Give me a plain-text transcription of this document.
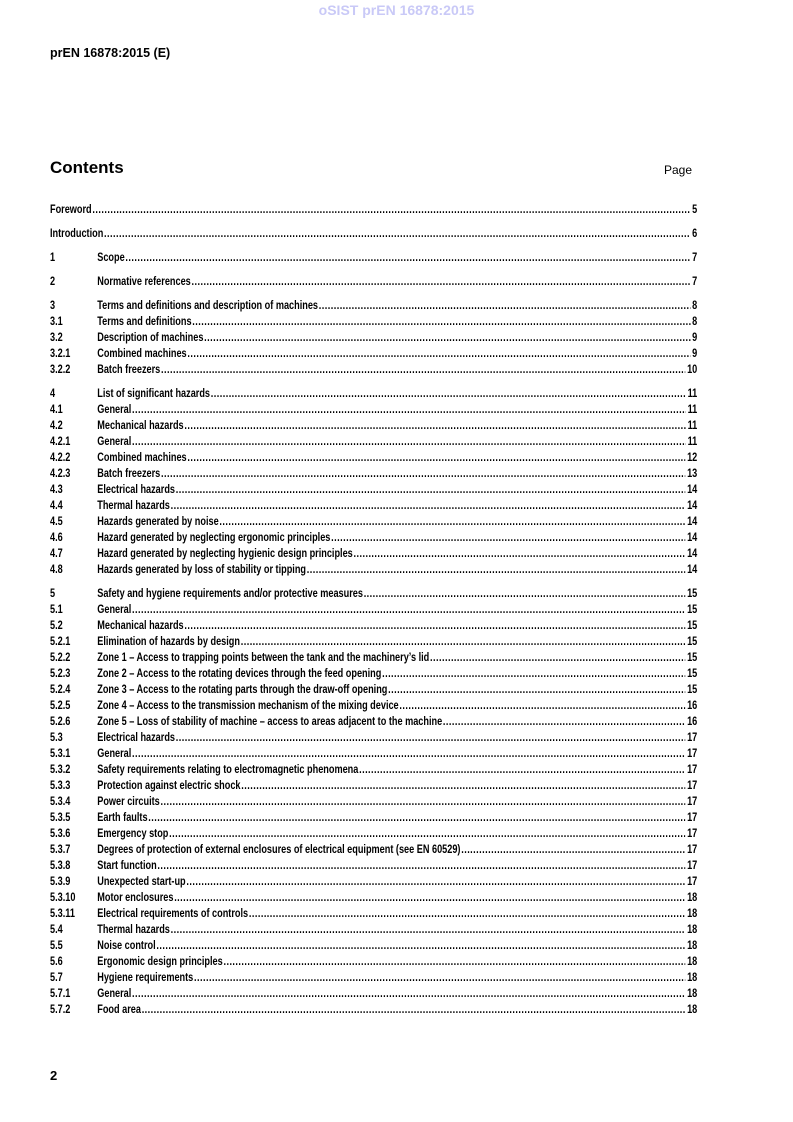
oSIST prEN 16878:2015
prEN 16878:2015 (E)
Contents	Page
Foreword .....	5
Introduction .....	6
1	Scope .....	7
2	Normative references .....	7
3	Terms and definitions and description of machines .....	8
3.1	Terms and definitions .....	8
3.2	Description of machines .....	9
3.2.1	Combined machines .....	9
3.2.2	Batch freezers .....	10
4	List of significant hazards .....	11
4.1	General .....	11
4.2	Mechanical hazards .....	11
4.2.1	General .....	11
4.2.2	Combined machines .....	12
4.2.3	Batch freezers .....	13
4.3	Electrical hazards .....	14
4.4	Thermal hazards .....	14
4.5	Hazards generated by noise .....	14
4.6	Hazard generated by neglecting ergonomic principles .....	14
4.7	Hazard generated by neglecting hygienic design principles .....	14
4.8	Hazards generated by loss of stability or tipping .....	14
5	Safety and hygiene requirements and/or protective measures .....	15
5.1	General .....	15
5.2	Mechanical hazards .....	15
5.2.1	Elimination of hazards by design .....	15
5.2.2	Zone 1 – Access to trapping points between the tank and the machinery’s lid .....	15
5.2.3	Zone 2 – Access to the rotating devices through the feed opening .....	15
5.2.4	Zone 3 – Access to the rotating parts through the draw-off opening .....	15
5.2.5	Zone 4 – Access to the transmission mechanism of the mixing device .....	16
5.2.6	Zone 5 – Loss of stability of machine – access to areas adjacent to the machine .....	16
5.3	Electrical hazards .....	17
5.3.1	General .....	17
5.3.2	Safety requirements relating to electromagnetic phenomena .....	17
5.3.3	Protection against electric shock .....	17
5.3.4	Power circuits .....	17
5.3.5	Earth faults .....	17
5.3.6	Emergency stop .....	17
5.3.7	Degrees of protection of external enclosures of electrical equipment (see EN 60529) .....	17
5.3.8	Start function .....	17
5.3.9	Unexpected start-up .....	17
5.3.10	Motor enclosures .....	18
5.3.11	Electrical requirements of controls .....	18
5.4	Thermal hazards .....	18
5.5	Noise control .....	18
5.6	Ergonomic design principles .....	18
5.7	Hygiene requirements .....	18
5.7.1	General .....	18
5.7.2	Food area .....	18
2
